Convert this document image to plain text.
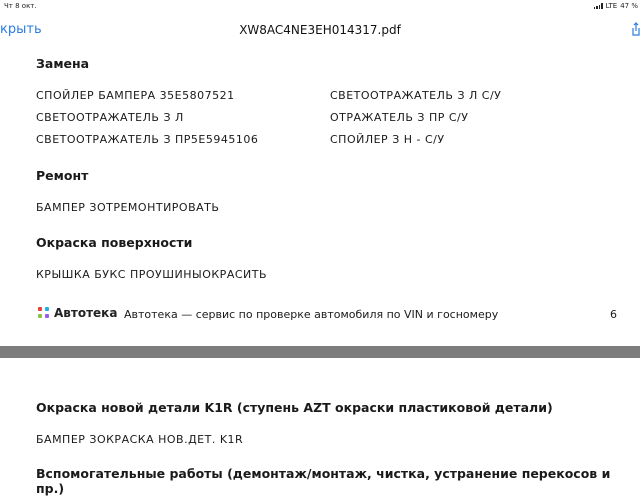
Чт 8 окт.	LTE 47 %
крыть	XW8AC4NE3EH014317.pdf
Замена
СПОЙЛЕР БАМПЕРА 35E5807521	СВЕТООТРАЖАТЕЛЬ З Л С/У
СВЕТООТРАЖАТЕЛЬ З Л	ОТРАЖАТЕЛЬ З ПР С/У
СВЕТООТРАЖАТЕЛЬ З ПР5E5945106	СПОЙЛЕР З Н - С/У
Ремонт
БАМПЕР ЗОТРЕМОНТИРОВАТЬ
Окраска поверхности
КРЫШКА БУКС ПРОУШИНЫОКРАСИТЬ
Автотека Автотека — сервис по проверке автомобиля по VIN и госномеру	6
Окраска новой детали K1R (ступень AZT окраски пластиковой детали)
БАМПЕР ЗОКРАСКА НОВ.ДЕТ. K1R
Вспомогательные работы (демонтаж/монтаж, чистка, устранение перекосов и пр.)
